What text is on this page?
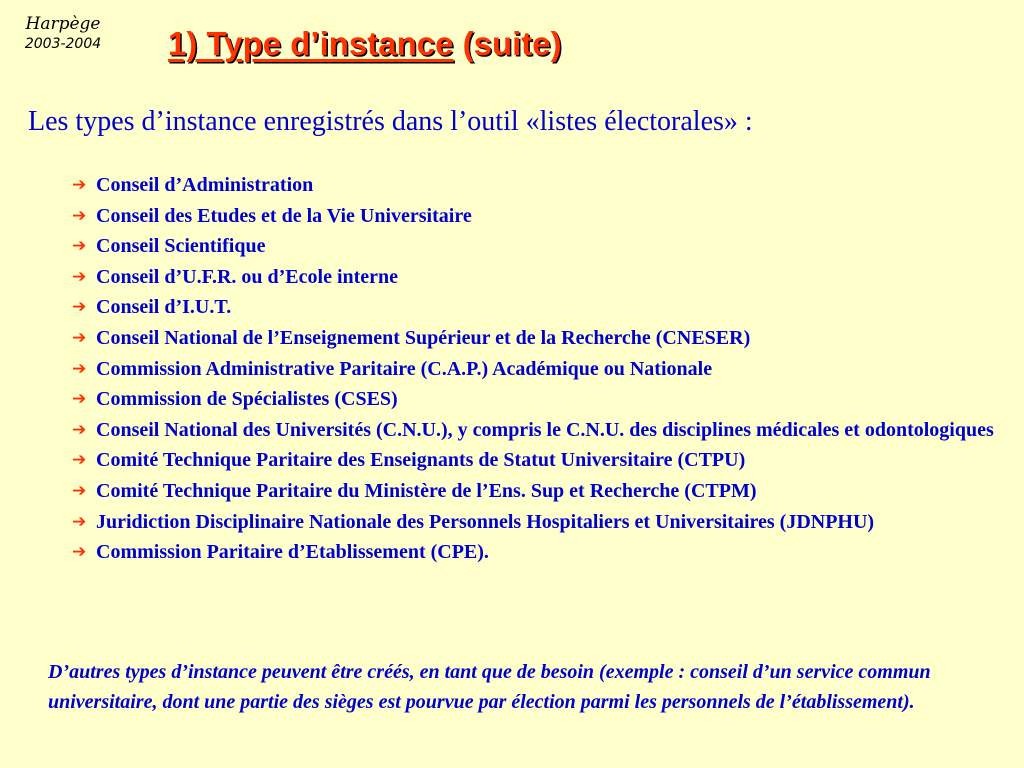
Harpège
2003-2004	1) Type d’instance (suite)

Les types d’instance enregistrés dans l’outil «listes électorales» :

➔ Conseil d’Administration
➔ Conseil des Etudes et de la Vie Universitaire
➔ Conseil Scientifique
➔ Conseil d’U.F.R. ou d’Ecole interne
➔ Conseil d’I.U.T.
➔ Conseil National de l’Enseignement Supérieur et de la Recherche (CNESER)
➔ Commission Administrative Paritaire (C.A.P.) Académique ou Nationale
➔ Commission de Spécialistes (CSES)
➔ Conseil National des Universités (C.N.U.), y compris le C.N.U. des disciplines médicales et odontologiques
➔ Comité Technique Paritaire des Enseignants de Statut Universitaire (CTPU)
➔ Comité Technique Paritaire du Ministère de l’Ens. Sup et Recherche (CTPM)
➔ Juridiction Disciplinaire Nationale des Personnels Hospitaliers et Universitaires (JDNPHU)
➔ Commission Paritaire d’Etablissement (CPE).

D’autres types d’instance peuvent être créés, en tant que de besoin (exemple : conseil d’un service commun universitaire, dont une partie des sièges est pourvue par élection parmi les personnels de l’établissement).
